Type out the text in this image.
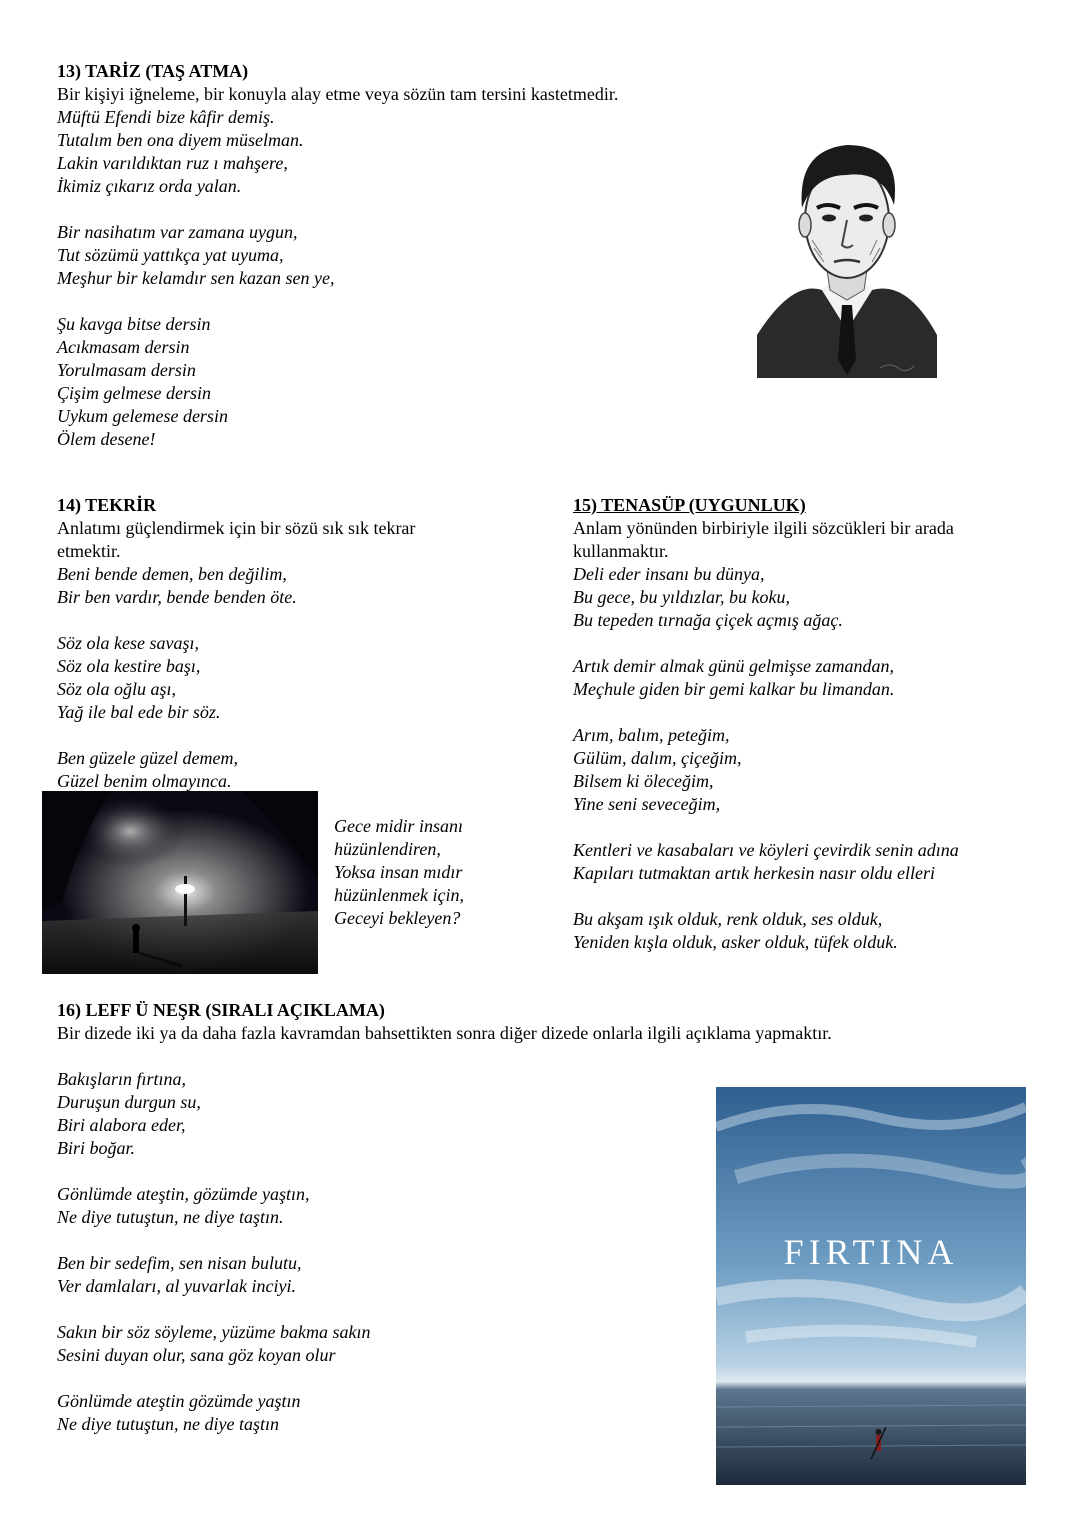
13) TARİZ (TAŞ ATMA)

Bir kişiyi iğneleme, bir konuyla alay etme veya sözün tam tersini kastetmedir.

Müftü Efendi bize kâfir demiş.
Tutalım ben ona diyem müselman.
Lakin varıldıktan ruz ı mahşere,
İkimiz çıkarız orda yalan.
Bir nasihatım var zamana uygun,
Tut sözümü yattıkça yat uyuma,
Meşhur bir kelamdır sen kazan sen ye,
Şu kavga bitse dersin
Acıkmasam dersin
Yorulmasam dersin
Çişim gelmese dersin
Uykum gelemese dersin
Ölem desene!
14) TEKRİR

Anlatımı güçlendirmek için bir sözü sık sık tekrar

etmektir.

Beni bende demen, ben değilim,
Bir ben vardır, bende benden öte.
Söz ola kese savaşı,
Söz ola kestire başı,
Söz ola oğlu aşı,
Yağ ile bal ede bir söz.
Ben güzele güzel demem,
Güzel benim olmayınca.
Gece midir insanı
hüzünlendiren,
Yoksa insan mıdır
hüzünlenmek için,
Geceyi bekleyen?
15) TENASÜP (UYGUNLUK)

Anlam yönünden birbiriyle ilgili sözcükleri bir arada

kullanmaktır.

Deli eder insanı bu dünya,
Bu gece, bu yıldızlar, bu koku,
Bu tepeden tırnağa çiçek açmış ağaç.
Artık demir almak günü gelmişse zamandan,
Meçhule giden bir gemi kalkar bu limandan.
Arım, balım, peteğim,
Gülüm, dalım, çiçeğim,
Bilsem ki öleceğim,
Yine seni seveceğim,
Kentleri ve kasabaları ve köyleri çevirdik senin adına
Kapıları tutmaktan artık herkesin nasır oldu elleri
Bu akşam ışık olduk, renk olduk, ses olduk,
Yeniden kışla olduk, asker olduk, tüfek olduk.
16) LEFF Ü NEŞR (SIRALI AÇIKLAMA)

Bir dizede iki ya da daha fazla kavramdan bahsettikten sonra diğer dizede onlarla ilgili açıklama yapmaktır.

Bakışların fırtına,
Duruşun durgun su,
Biri alabora eder,
Biri boğar.
Gönlümde ateştin, gözümde yaştın,
Ne diye tutuştun, ne diye taştın.
Ben bir sedefim, sen nisan bulutu,
Ver damlaları, al yuvarlak inciyi.
Sakın bir söz söyleme, yüzüme bakma sakın
Sesini duyan olur, sana göz koyan olur
Gönlümde ateştin gözümde yaştın
Ne diye tutuştun, ne diye taştın
FIRTINA
